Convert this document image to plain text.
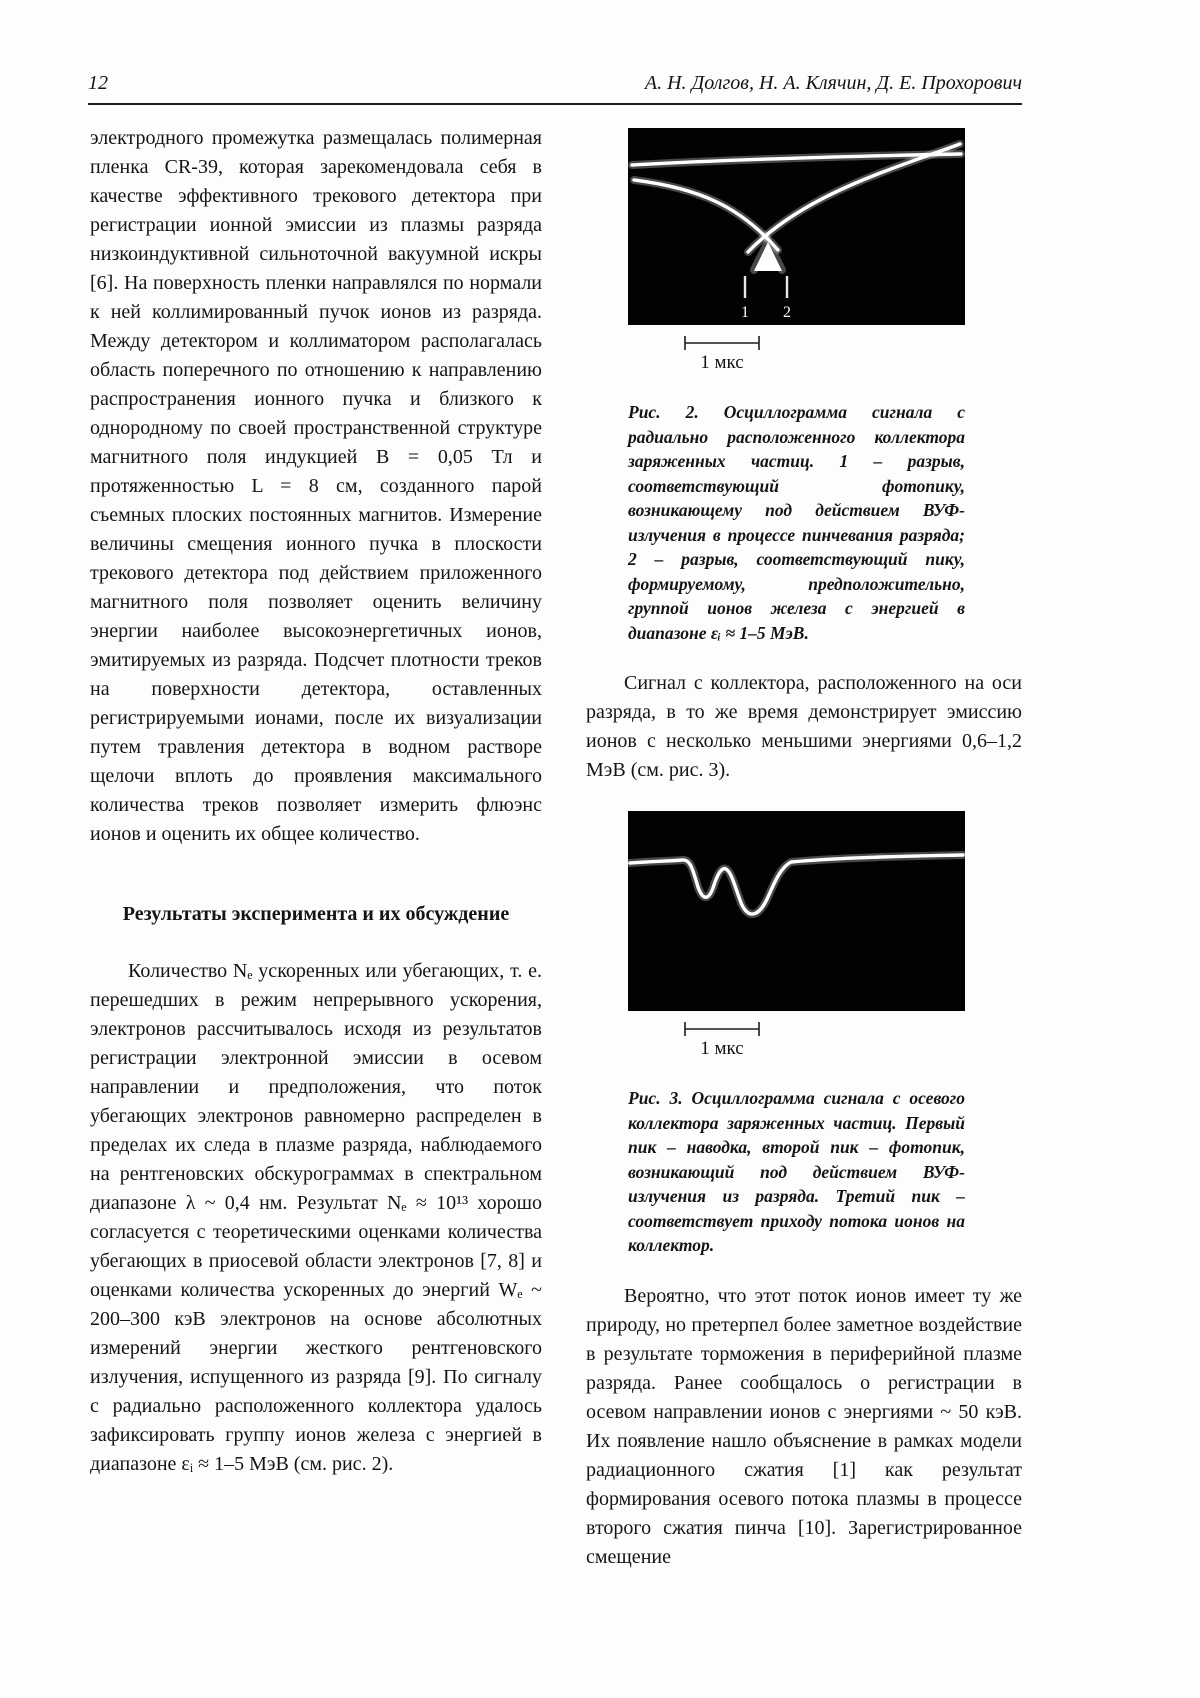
12	А. Н. Долгов, Н. А. Клячин, Д. Е. Прохорович

электродного промежутка размещалась полимерная пленка CR-39, которая зарекомендовала себя в качестве эффективного трекового детектора при регистрации ионной эмиссии из плазмы разряда низкоиндуктивной сильноточной вакуумной искры [6]. На поверхность пленки направлялся по нормали к ней коллимированный пучок ионов из разряда. Между детектором и коллиматором располагалась область поперечного по отношению к направлению распространения ионного пучка и близкого к однородному по своей пространственной структуре магнитного поля индукцией B = 0,05 Тл и протяженностью L = 8 см, созданного парой съемных плоских постоянных магнитов. Измерение величины смещения ионного пучка в плоскости трекового детектора под действием приложенного магнитного поля позволяет оценить величину энергии наиболее высокоэнергетичных ионов, эмитируемых из разряда. Подсчет плотности треков на поверхности детектора, оставленных регистрируемыми ионами, после их визуализации путем травления детектора в водном растворе щелочи вплоть до проявления максимального количества треков позволяет измерить флюэнс ионов и оценить их общее количество.

Результаты эксперимента и их обсуждение

Количество Nₑ ускоренных или убегающих, т. е. перешедших в режим непрерывного ускорения, электронов рассчитывалось исходя из результатов регистрации электронной эмиссии в осевом направлении и предположения, что поток убегающих электронов равномерно распределен в пределах их следа в плазме разряда, наблюдаемого на рентгеновских обскурограммах в спектральном диапазоне λ ~ 0,4 нм. Результат Nₑ ≈ 10¹³ хорошо согласуется с теоретическими оценками количества убегающих в приосевой области электронов [7, 8] и оценками количества ускоренных до энергий Wₑ ~ 200–300 кэВ электронов на основе абсолютных измерений энергии жесткого рентгеновского излучения, испущенного из разряда [9]. По сигналу с радиально расположенного коллектора удалось зафиксировать группу ионов железа с энергией в диапазоне εᵢ ≈ 1–5 МэВ (см. рис. 2).

1 2
1 мкс

Рис. 2. Осциллограмма сигнала с радиально расположенного коллектора заряженных частиц. 1 – разрыв, соответствующий фотопику, возникающему под действием ВУФ-излучения в процессе пинчевания разряда; 2 – разрыв, соответствующий пику, формируемому, предположительно, группой ионов железа с энергией в диапазоне εᵢ ≈ 1–5 МэВ.

Сигнал с коллектора, расположенного на оси разряда, в то же время демонстрирует эмиссию ионов с несколько меньшими энергиями 0,6–1,2 МэВ (см. рис. 3).

1 мкс

Рис. 3. Осциллограмма сигнала с осевого коллектора заряженных частиц. Первый пик – наводка, второй пик – фотопик, возникающий под действием ВУФ-излучения из разряда. Третий пик – соответствует приходу потока ионов на коллектор.

Вероятно, что этот поток ионов имеет ту же природу, но претерпел более заметное воздействие в результате торможения в периферийной плазме разряда. Ранее сообщалось о регистрации в осевом направлении ионов с энергиями ~ 50 кэВ. Их появление нашло объяснение в рамках модели радиационного сжатия [1] как результат формирования осевого потока плазмы в процессе второго сжатия пинча [10]. Зарегистрированное смещение
